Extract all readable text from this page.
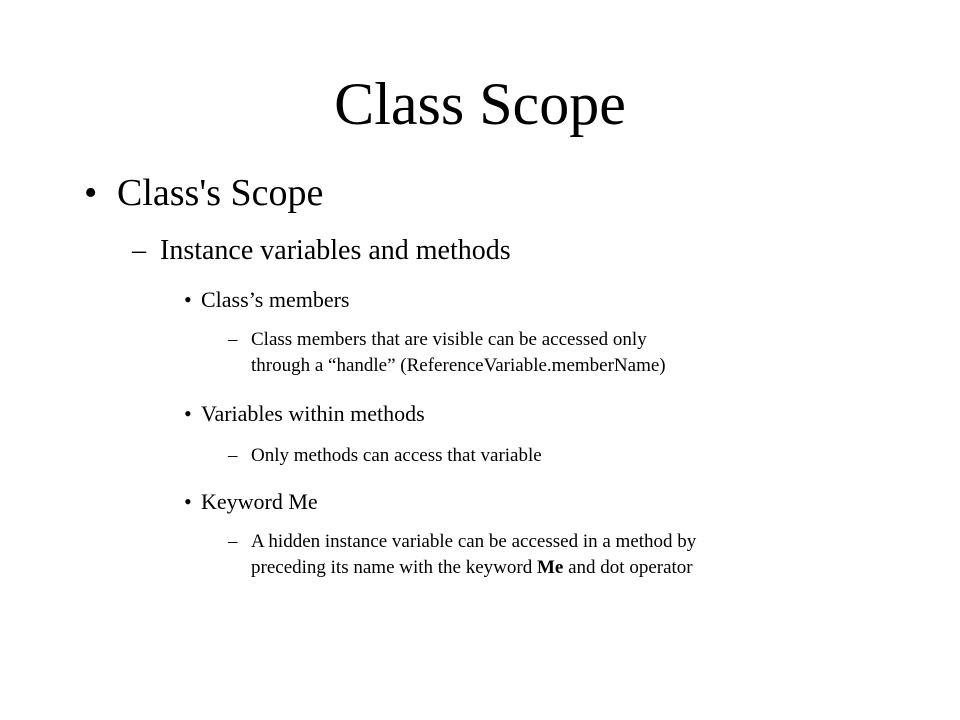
Class Scope
• Class's Scope
– Instance variables and methods
• Class’s members
– Class members that are visible can be accessed only
through a “handle” (ReferenceVariable.memberName)
• Variables within methods
– Only methods can access that variable
• Keyword Me
– A hidden instance variable can be accessed in a method by
preceding its name with the keyword Me and dot operator
